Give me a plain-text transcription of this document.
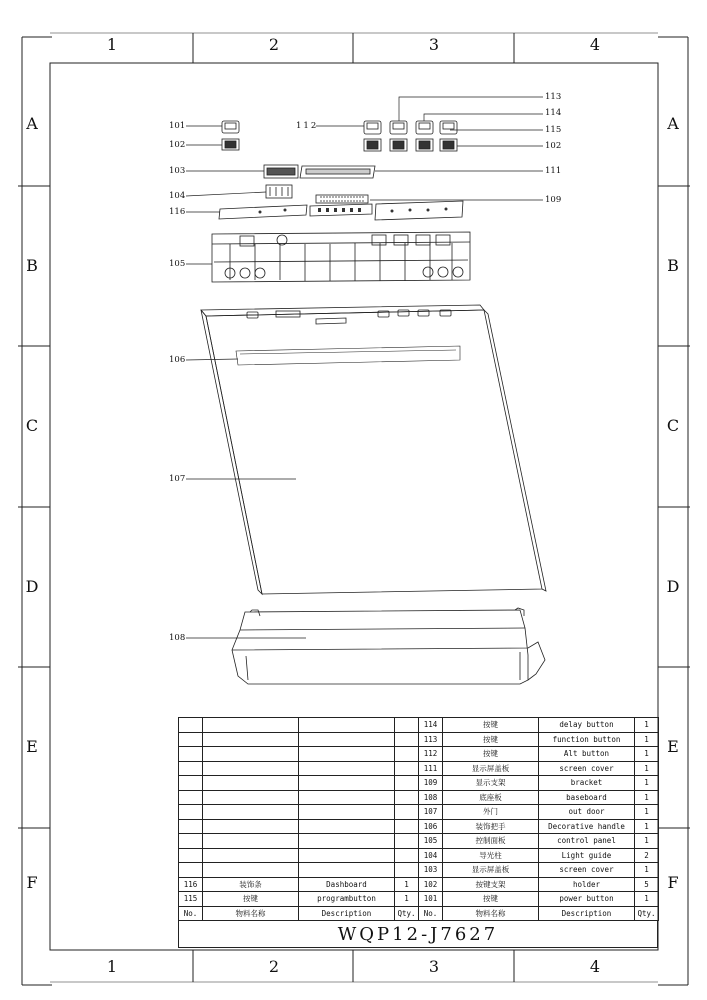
1	2	3	4
1	2	3	4
A
B
C
D
E
F
A
B
C
D
E
F
101
102
103
104
116
105
106
107
108
112
113
114
115
102
111
109
				114	按键	delay button	1
				113	按键	function button	1
				112	按键	Alt button	1
				111	显示屏盖板	screen cover	1
				109	显示支架	bracket	1
				108	底座板	baseboard	1
				107	外门	out door	1
				106	装饰把手	Decorative handle	1
				105	控制面板	control panel	1
				104	导光柱	Light guide	2
				103	显示屏盖板	screen cover	1
116	装饰条	Dashboard	1	102	按键支架	holder	5
115	按键	programbutton	1	101	按键	power button	1
No.	物料名称	Description	Qty.	No.	物料名称	Description	Qty.
WQP12-J7627
